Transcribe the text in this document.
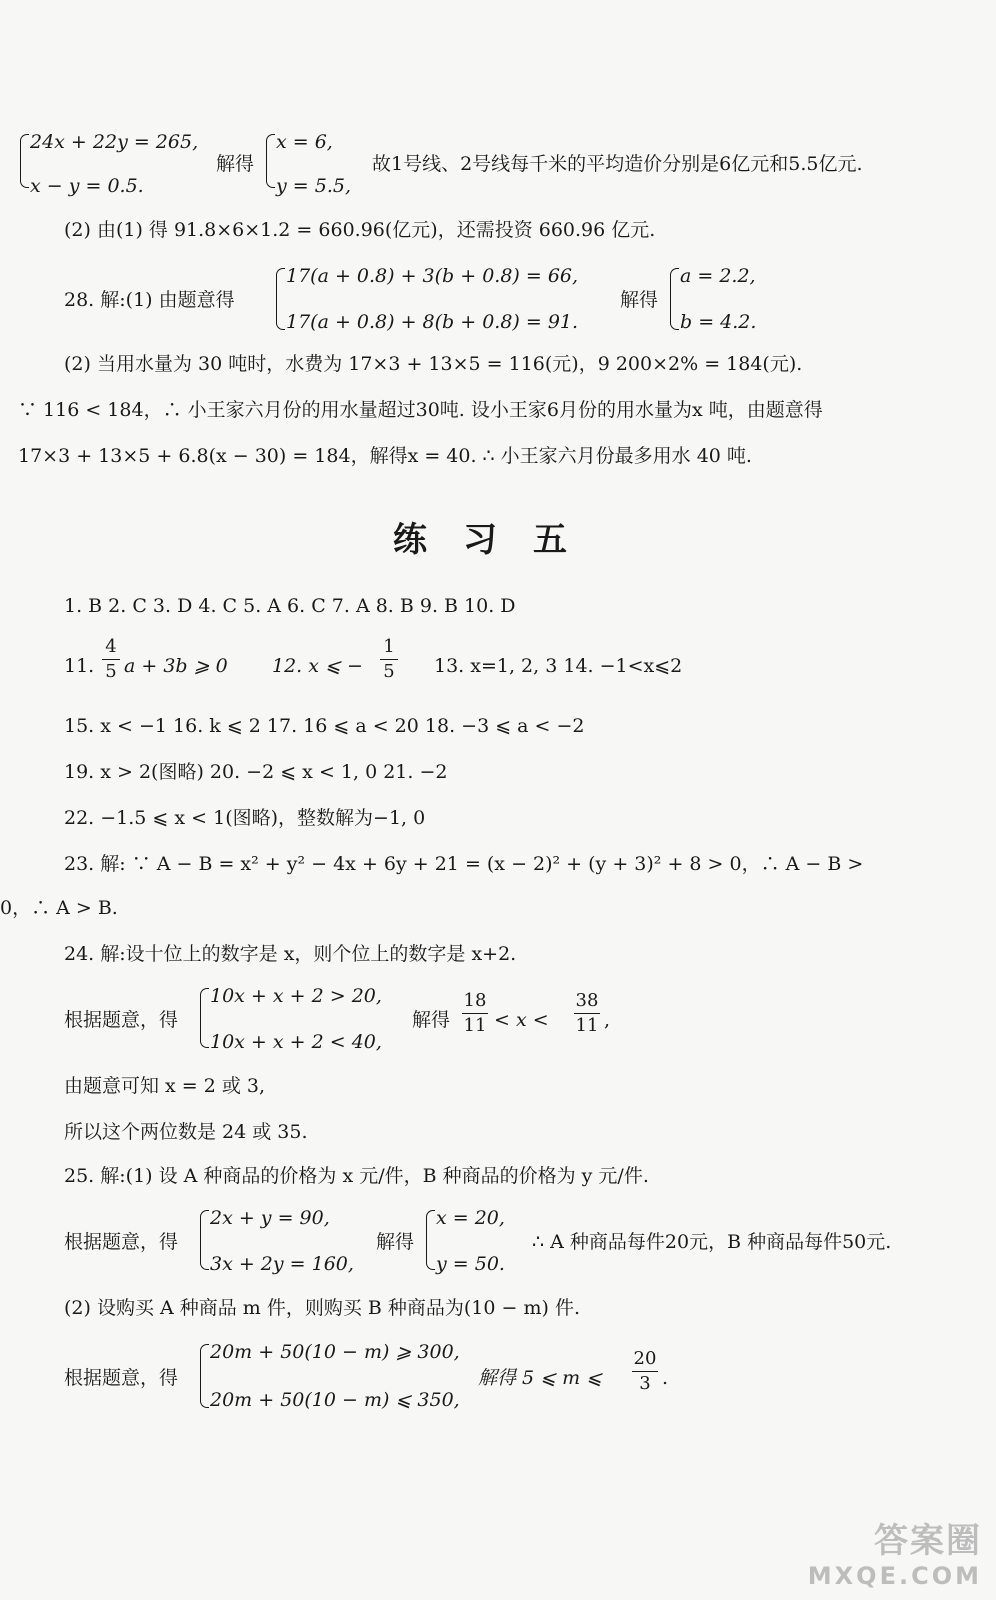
24x + 22y = 265,
x − y = 0.5.
解得
x = 6,
y = 5.5,
故1号线、2号线每千米的平均造价分别是6亿元和5.5亿元.
(2) 由(1) 得 91.8×6×1.2 = 660.96(亿元)，还需投资 660.96 亿元.
28. 解:(1) 由题意得
17(a + 0.8) + 3(b + 0.8) = 66,
17(a + 0.8) + 8(b + 0.8) = 91.
解得
a = 2.2,
b = 4.2.
(2) 当用水量为 30 吨时，水费为 17×3 + 13×5 = 116(元)，9 200×2% = 184(元).
∵ 116 < 184，∴ 小王家六月份的用水量超过30吨. 设小王家6月份的用水量为x 吨，由题意得
17×3 + 13×5 + 6.8(x − 30) = 184，解得x = 40. ∴ 小王家六月份最多用水 40 吨.
练习五
1. B 2. C 3. D 4. C 5. A 6. C 7. A 8. B 9. B 10. D
11.
4
5 a + 3b ⩾ 0 12. x ⩽ −
1
5 13. x=1, 2, 3 14. −1<x⩽2
15. x < −1 16. k ⩽ 2 17. 16 ⩽ a < 20 18. −3 ⩽ a < −2
19. x > 2(图略) 20. −2 ⩽ x < 1, 0 21. −2
22. −1.5 ⩽ x < 1(图略)，整数解为−1, 0
23. 解: ∵ A − B = x² + y² − 4x + 6y + 21 = (x − 2)² + (y + 3)² + 8 > 0，∴ A − B >
0，∴ A > B.
24. 解:设十位上的数字是 x，则个位上的数字是 x+2.
根据题意，得
10x + x + 2 > 20,
10x + x + 2 < 40,
解得
18
11 < x <
38
11 ,
由题意可知 x = 2 或 3,
所以这个两位数是 24 或 35.
25. 解:(1) 设 A 种商品的价格为 x 元/件，B 种商品的价格为 y 元/件.
根据题意，得
2x + y = 90,
3x + 2y = 160,
解得
x = 20,
y = 50.
∴ A 种商品每件20元，B 种商品每件50元.
(2) 设购买 A 种商品 m 件，则购买 B 种商品为(10 − m) 件.
根据题意，得
20m + 50(10 − m) ⩾ 300,
20m + 50(10 − m) ⩽ 350,
解得 5 ⩽ m ⩽
20
3 .
答案圈
MXQE.COM
